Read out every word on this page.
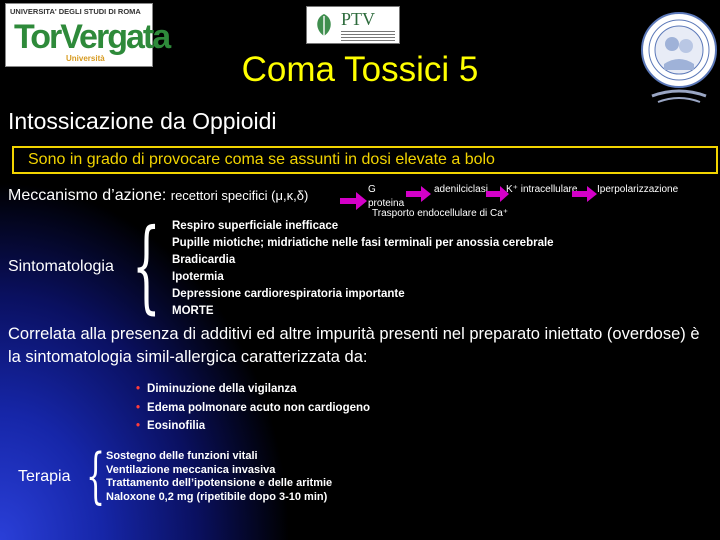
UNIVERSITA' DEGLI STUDI DI ROMA
TorVergata
Università
PTV
Coma Tossici 5
Intossicazione da Oppioidi
Sono in grado di provocare coma se assunti in dosi elevate a bolo
Meccanismo d’azione: recettori specifici (μ,κ,δ)	G
proteina
adenilciclasi	K⁺ intracellulare Iperpolarizzazione
Trasporto endocellulare di Ca⁺
Sintomatologia { Respiro superficiale inefficace
Pupille miotiche; midriatiche nelle fasi terminali per anossia cerebrale
Bradicardia
Ipotermia
Depressione cardiorespiratoria importante
MORTE
Correlata alla presenza di additivi ed altre impurità presenti nel preparato iniettato (overdose) è la sintomatologia simil-allergica caratterizzata da:
• Diminuzione della vigilanza
• Edema polmonare acuto non cardiogeno
• Eosinofilia
Terapia { Sostegno delle funzioni vitali
Ventilazione meccanica invasiva
Trattamento dell’ipotensione e delle aritmie
Naloxone 0,2 mg (ripetibile dopo 3-10 min)
